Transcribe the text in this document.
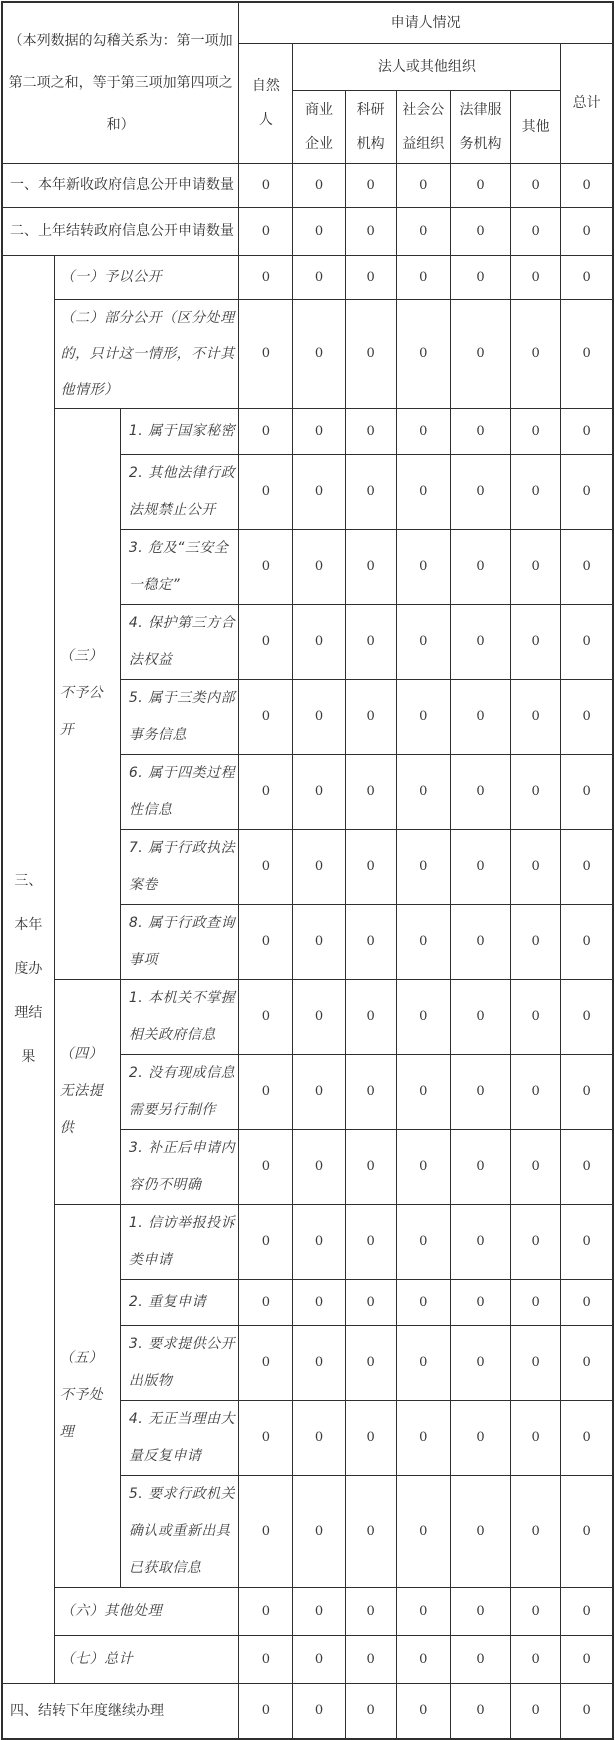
（本列数据的勾稽关系为：第一项加第二项之和，等于第三项加第四项之和）			申请人情况						
			自然人	法人或其他组织					总计
				商业企业	科研机构	社会公益组织	法律服务机构	其他	
一、本年新收政府信息公开申请数量			0	0	0	0	0	0	0
二、上年结转政府信息公开申请数量			0	0	0	0	0	0	0
三、本年度办理结果	（一）予以公开		0	0	0	0	0	0	0
	（二）部分公开（区分处理的，只计这一情形，不计其他情形）		0	0	0	0	0	0	0
	（三）不予公开	1. 属于国家秘密	0	0	0	0	0	0	0
		2. 其他法律行政法规禁止公开	0	0	0	0	0	0	0
		3. 危及“三安全一稳定”	0	0	0	0	0	0	0
		4. 保护第三方合法权益	0	0	0	0	0	0	0
		5. 属于三类内部事务信息	0	0	0	0	0	0	0
		6. 属于四类过程性信息	0	0	0	0	0	0	0
		7. 属于行政执法案卷	0	0	0	0	0	0	0
		8. 属于行政查询事项	0	0	0	0	0	0	0
	（四）无法提供	1. 本机关不掌握相关政府信息	0	0	0	0	0	0	0
		2. 没有现成信息需要另行制作	0	0	0	0	0	0	0
		3. 补正后申请内容仍不明确	0	0	0	0	0	0	0
	（五）不予处理	1. 信访举报投诉类申请	0	0	0	0	0	0	0
		2. 重复申请	0	0	0	0	0	0	0
		3. 要求提供公开出版物	0	0	0	0	0	0	0
		4. 无正当理由大量反复申请	0	0	0	0	0	0	0
		5. 要求行政机关确认或重新出具已获取信息	0	0	0	0	0	0	0
	（六）其他处理		0	0	0	0	0	0	0
	（七）总计		0	0	0	0	0	0	0
四、结转下年度继续办理			0	0	0	0	0	0	0
